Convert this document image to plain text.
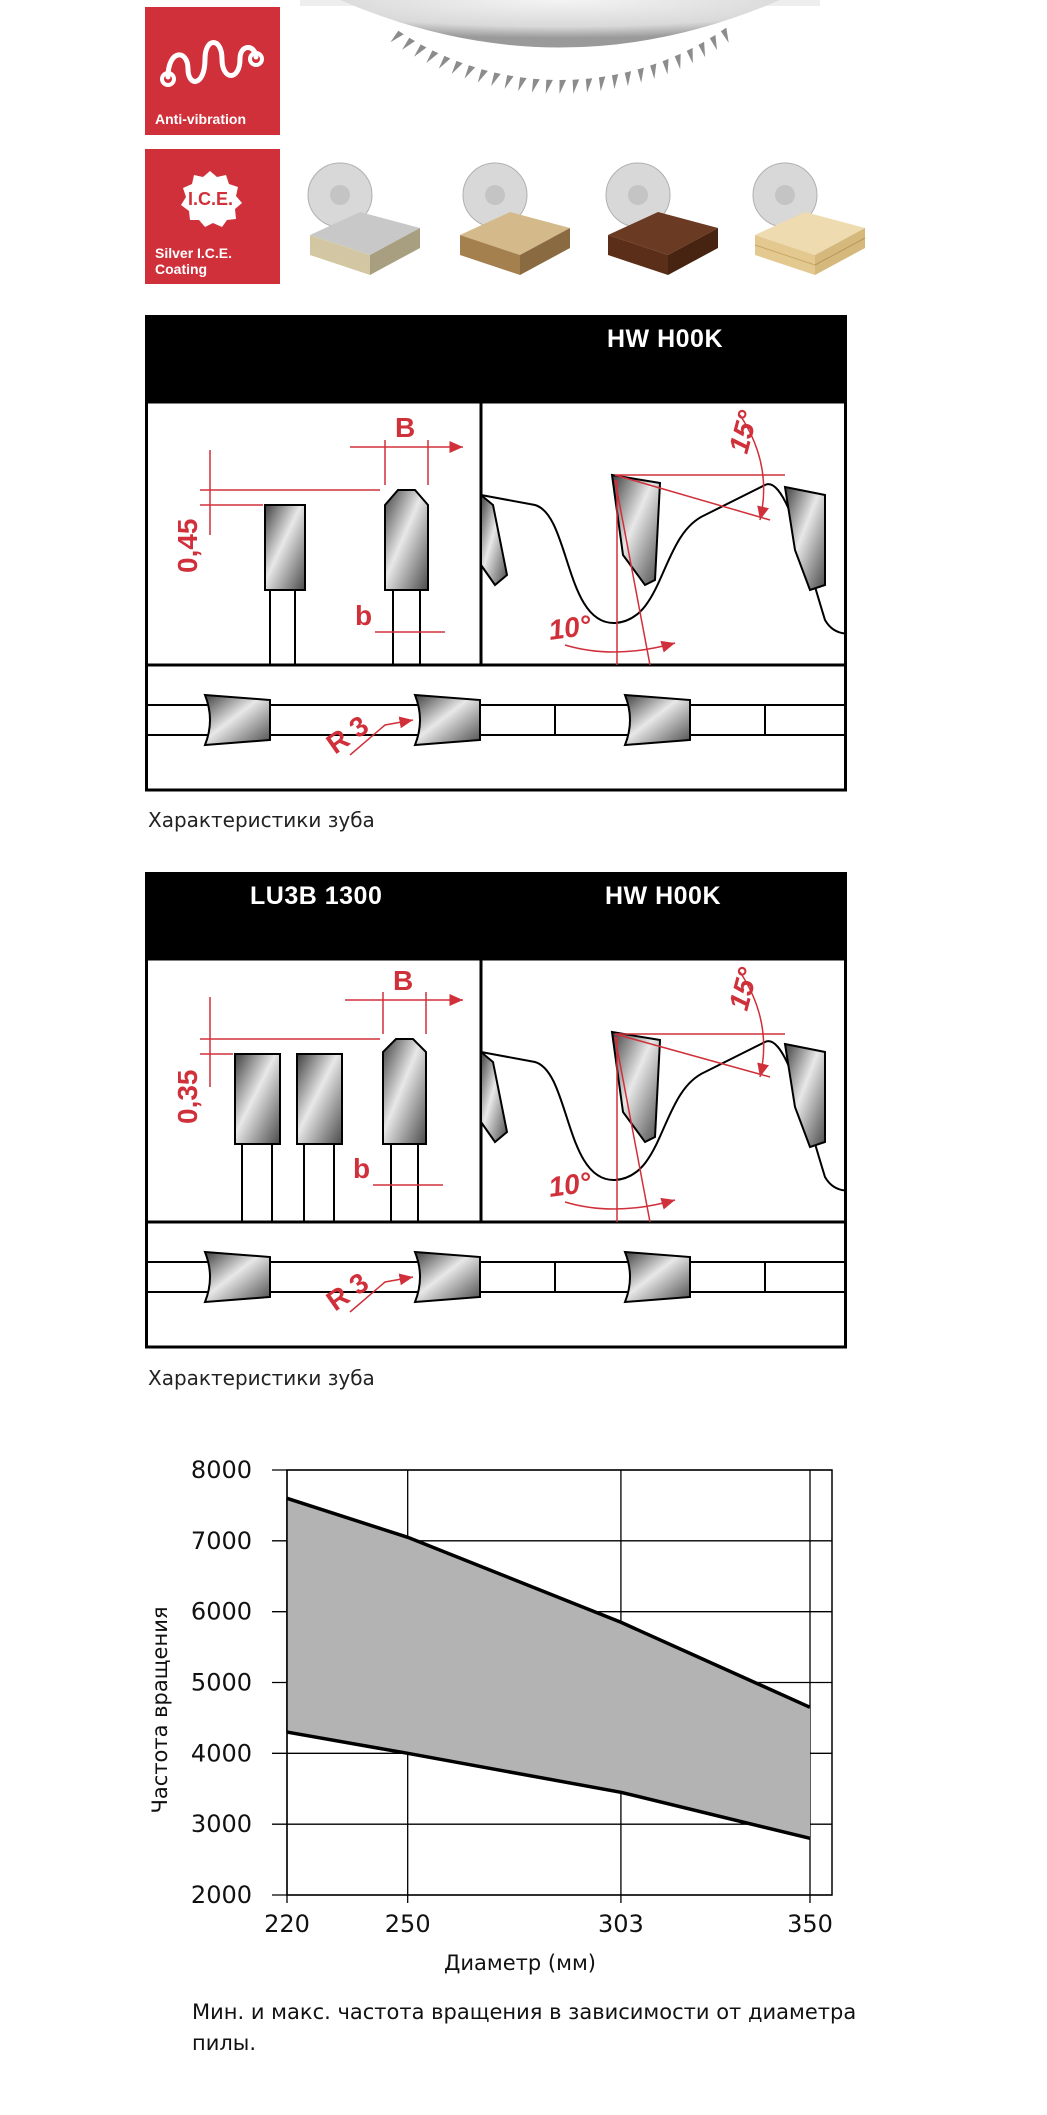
Anti-vibration
I.C.E.
Silver I.C.E.
Coating
HW H00K
B
b
0,45
10°
15°
R 3
Характеристики зуба
LU3B 1300	HW H00K
B
b
0,35
10°
15°
R 3
Характеристики зуба
8000
7000
6000
5000
4000
3000
2000
220	250	303	350
Диаметр (мм)
Частота вращения
Мин. и макс. частота вращения в зависимости от диаметра пилы.
